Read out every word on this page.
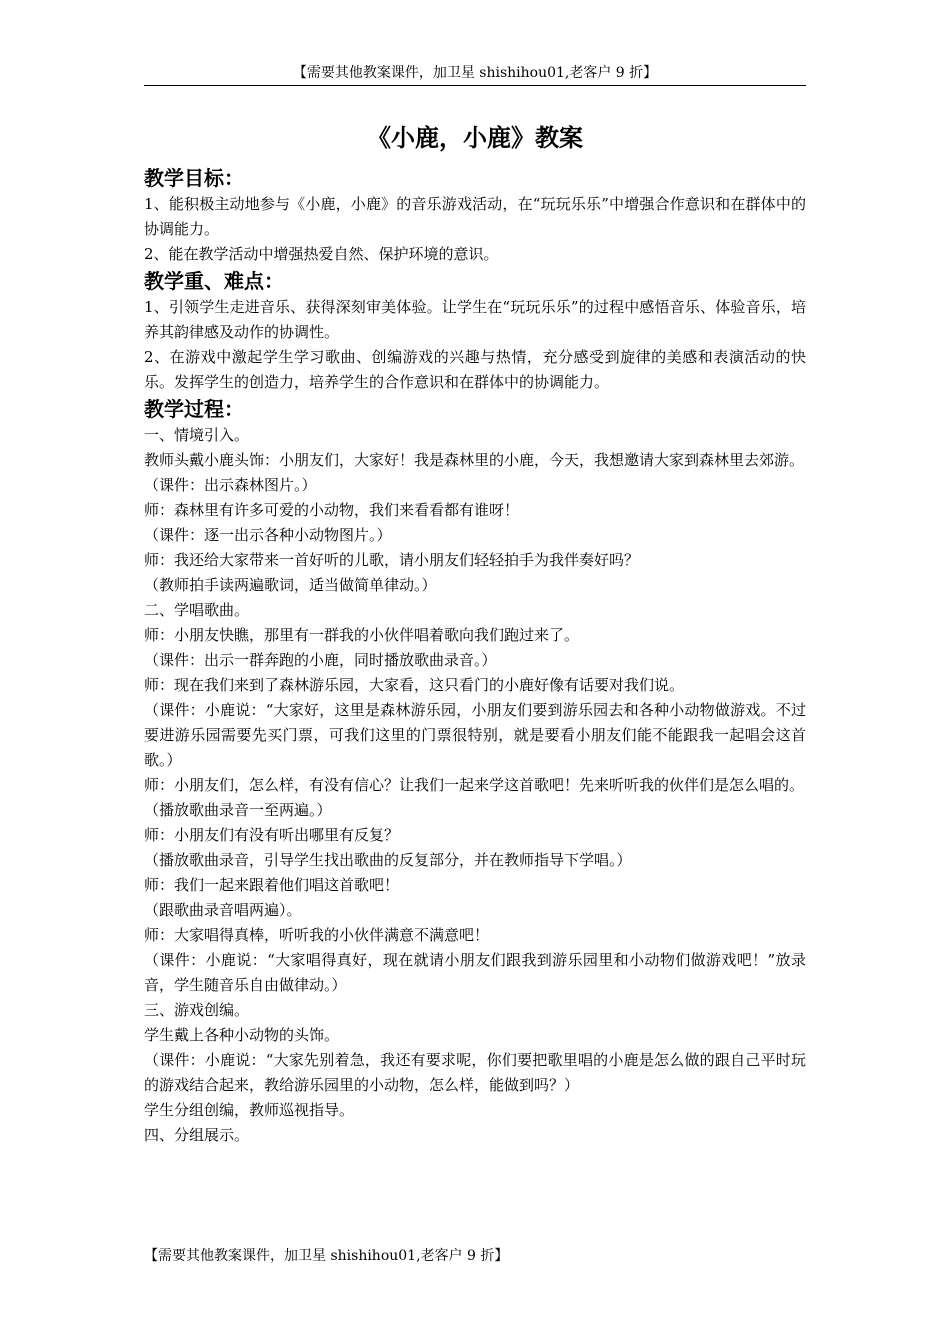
【需要其他教案课件，加卫星 shishihou01,老客户 9 折】
《小鹿，小鹿》教案
教学目标：

1、能积极主动地参与《小鹿，小鹿》的音乐游戏活动，在“玩玩乐乐”中增强合作意识和在群体中的协调能力。

2、能在教学活动中增强热爱自然、保护环境的意识。

教学重、难点：

1、引领学生走进音乐、获得深刻审美体验。让学生在“玩玩乐乐”的过程中感悟音乐、体验音乐，培养其韵律感及动作的协调性。

2、在游戏中激起学生学习歌曲、创编游戏的兴趣与热情，充分感受到旋律的美感和表演活动的快乐。发挥学生的创造力，培养学生的合作意识和在群体中的协调能力。

教学过程：

一、情境引入。

教师头戴小鹿头饰：小朋友们，大家好！我是森林里的小鹿，今天，我想邀请大家到森林里去郊游。

（课件：出示森林图片。）

师：森林里有许多可爱的小动物，我们来看看都有谁呀！

（课件：逐一出示各种小动物图片。）

师：我还给大家带来一首好听的儿歌，请小朋友们轻轻拍手为我伴奏好吗？

（教师拍手读两遍歌词，适当做简单律动。）

二、学唱歌曲。

师：小朋友快瞧，那里有一群我的小伙伴唱着歌向我们跑过来了。

（课件：出示一群奔跑的小鹿，同时播放歌曲录音。）

师：现在我们来到了森林游乐园，大家看，这只看门的小鹿好像有话要对我们说。

（课件：小鹿说：“大家好，这里是森林游乐园，小朋友们要到游乐园去和各种小动物做游戏。不过要进游乐园需要先买门票，可我们这里的门票很特别，就是要看小朋友们能不能跟我一起唱会这首歌。）

师：小朋友们，怎么样，有没有信心？让我们一起来学这首歌吧！先来听听我的伙伴们是怎么唱的。

（播放歌曲录音一至两遍。）

师：小朋友们有没有听出哪里有反复？

（播放歌曲录音，引导学生找出歌曲的反复部分，并在教师指导下学唱。）

师：我们一起来跟着他们唱这首歌吧！

（跟歌曲录音唱两遍）。

师：大家唱得真棒，听听我的小伙伴满意不满意吧！

（课件：小鹿说：“大家唱得真好，现在就请小朋友们跟我到游乐园里和小动物们做游戏吧！”放录音，学生随音乐自由做律动。）

三、游戏创编。

学生戴上各种小动物的头饰。

（课件：小鹿说：“大家先别着急，我还有要求呢，你们要把歌里唱的小鹿是怎么做的跟自己平时玩的游戏结合起来，教给游乐园里的小动物，怎么样，能做到吗？）

学生分组创编，教师巡视指导。

四、分组展示。

【需要其他教案课件，加卫星 shishihou01,老客户 9 折】
